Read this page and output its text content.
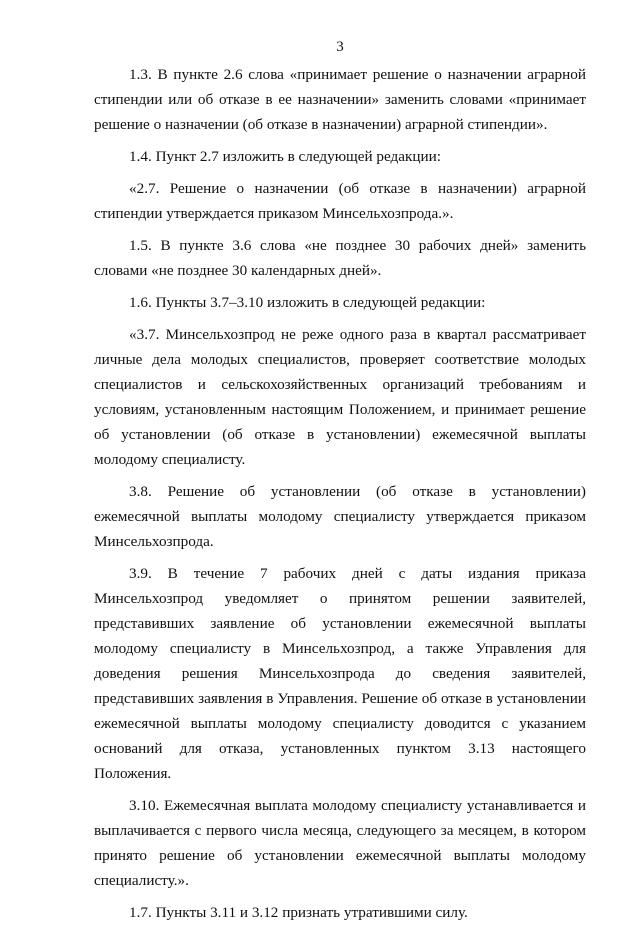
3

1.3. В пункте 2.6 слова «принимает решение о назначении аграрной стипендии или об отказе в ее назначении» заменить словами «принимает решение о назначении (об отказе в назначении) аграрной стипендии».

1.4. Пункт 2.7 изложить в следующей редакции:

«2.7. Решение о назначении (об отказе в назначении) аграрной стипендии утверждается приказом Минсельхозпрода.».

1.5. В пункте 3.6 слова «не позднее 30 рабочих дней» заменить словами «не позднее 30 календарных дней».

1.6. Пункты 3.7–3.10 изложить в следующей редакции:

«3.7. Минсельхозпрод не реже одного раза в квартал рассматривает личные дела молодых специалистов, проверяет соответствие молодых специалистов и сельскохозяйственных организаций требованиям и условиям, установленным настоящим Положением, и принимает решение об установлении (об отказе в установлении) ежемесячной выплаты молодому специалисту.

3.8. Решение об установлении (об отказе в установлении) ежемесячной выплаты молодому специалисту утверждается приказом Минсельхозпрода.

3.9. В течение 7 рабочих дней с даты издания приказа Минсельхозпрод уведомляет о принятом решении заявителей, представивших заявление об установлении ежемесячной выплаты молодому специалисту в Минсельхозпрод, а также Управления для доведения решения Минсельхозпрода до сведения заявителей, представивших заявления в Управления. Решение об отказе в установлении ежемесячной выплаты молодому специалисту доводится с указанием оснований для отказа, установленных пунктом 3.13 настоящего Положения.

3.10. Ежемесячная выплата молодому специалисту устанавливается и выплачивается с первого числа месяца, следующего за месяцем, в котором принято решение об установлении ежемесячной выплаты молодому специалисту.».

1.7. Пункты 3.11 и 3.12 признать утратившими силу.
